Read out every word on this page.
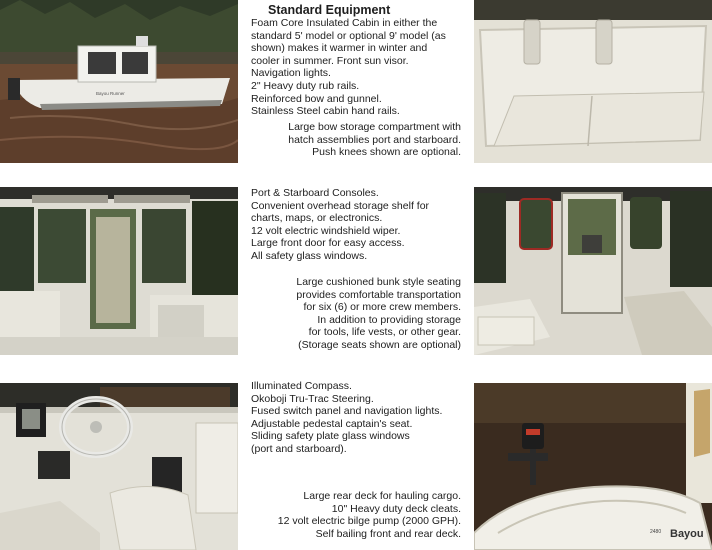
Bayou Runner
Bayou
2480
Standard Equipment
Foam Core Insulated Cabin in either the
standard 5' model or optional 9' model (as
shown) makes it warmer in winter and
cooler in summer. Front sun visor.
Navigation lights.
2" Heavy duty rub rails.
Reinforced bow and gunnel.
Stainless Steel cabin hand rails.
Large bow storage compartment with
hatch assemblies port and starboard.
Push knees shown are optional.
Port & Starboard Consoles.
Convenient overhead storage shelf for
charts, maps, or electronics.
12 volt electric windshield wiper.
Large front door for easy access.
All safety glass windows.
Large cushioned bunk style seating
provides comfortable transportation
for six (6) or more crew members.
In addition to providing storage
for tools, life vests, or other gear.
(Storage seats shown are optional)
Illuminated Compass.
Okoboji Tru-Trac Steering.
Fused switch panel and navigation lights.
Adjustable pedestal captain's seat.
Sliding safety plate glass windows
(port and starboard).
Large rear deck for hauling cargo.
10" Heavy duty deck cleats.
12 volt electric bilge pump (2000 GPH).
Self bailing front and rear deck.
